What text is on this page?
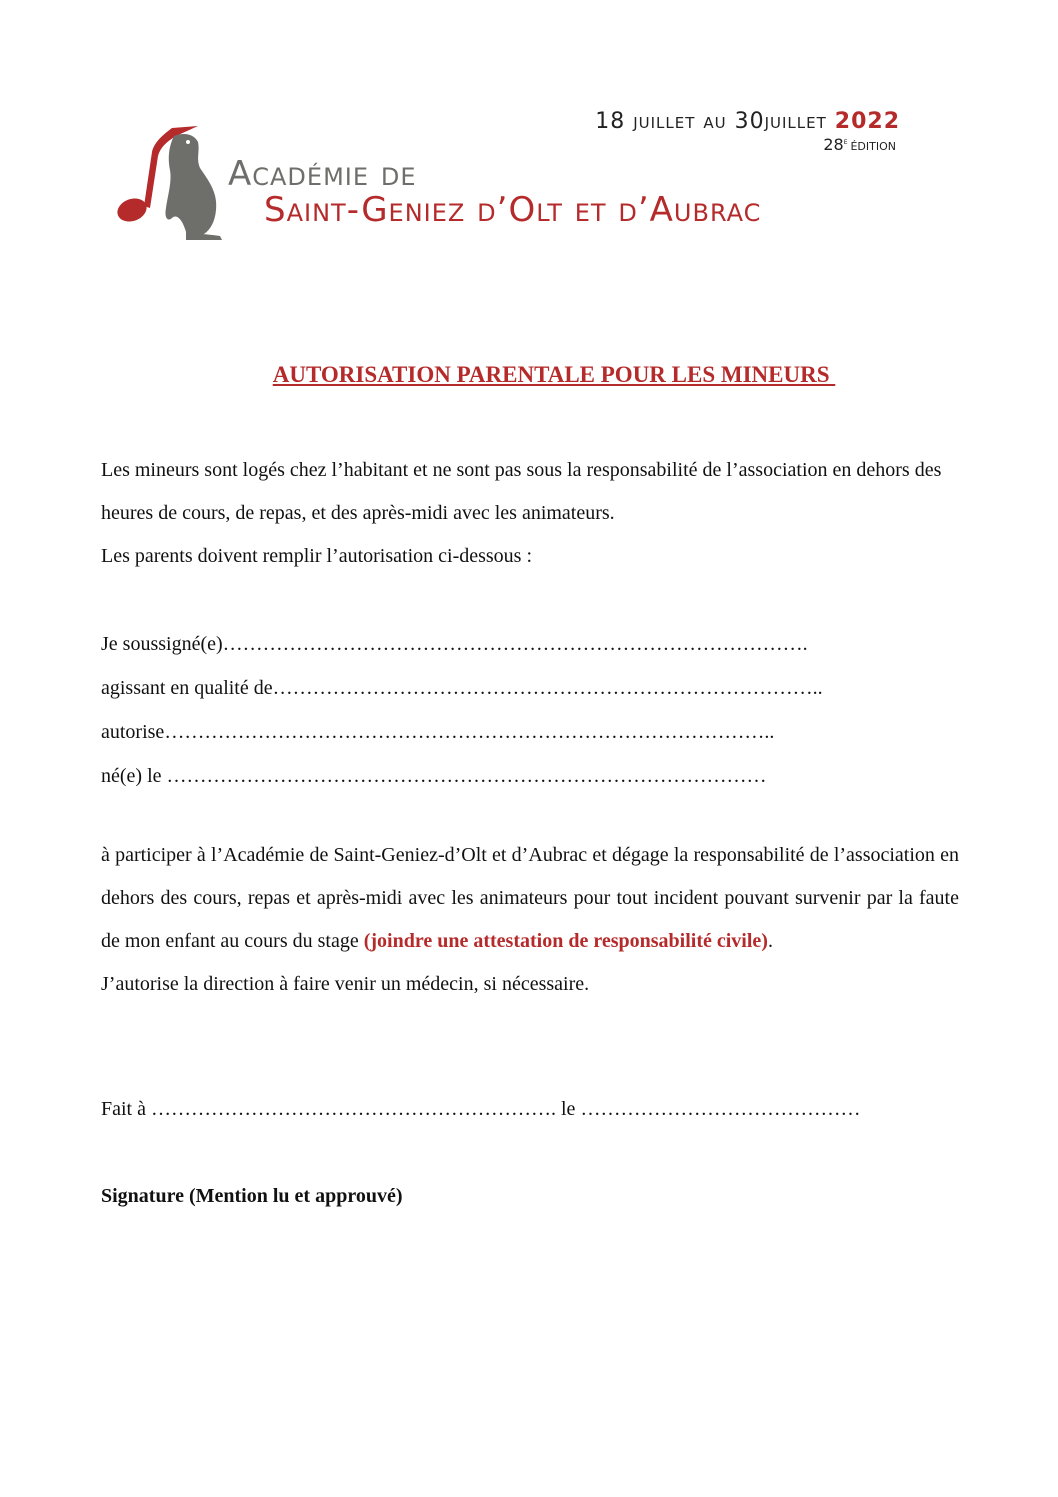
18 juillet au 30juillet 2022
28e édition
Académie de
Saint-Geniez d’Olt et d’Aubrac
AUTORISATION PARENTALE POUR LES MINEURS

Les mineurs sont logés chez l’habitant et ne sont pas sous la responsabilité de l’association en dehors des heures de cours, de repas, et des après-midi avec les animateurs.

Les parents doivent remplir l’autorisation ci-dessous :

Je soussigné(e)…………………………………………………………………………….
agissant en qualité de………………………………………………………………………..
autorise………………………………………………………………………………..
né(e) le ………………………………………………………………………………

à participer à l’Académie de Saint-Geniez-d’Olt et d’Aubrac et dégage la responsabilité de l’association en dehors des cours, repas et après-midi avec les animateurs pour tout incident pouvant survenir par la faute de mon enfant au cours du stage (joindre une attestation de responsabilité civile).

J’autorise la direction à faire venir un médecin, si nécessaire.

Fait à ……………………………………………………. le ……………………………………
Signature (Mention lu et approuvé)
